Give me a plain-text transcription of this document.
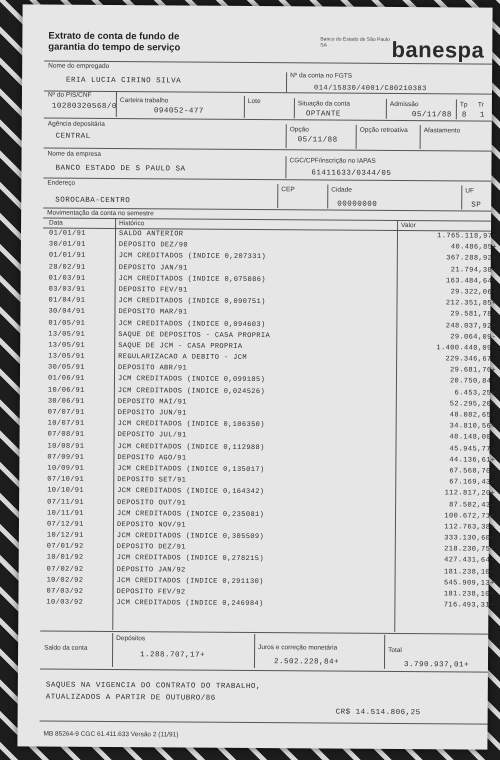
Extrato de conta de fundo de
garantia do tempo de serviço
Banco do Estado de São Paulo SA	banespa
Nome do empregado
ERIA LUCIA CIRINO SILVA
Nº da conta no FGTS
014/15830/4001/C80210383
Nº do PIS/CNF
10280320568/0
Carteira trabalho
094052-477
Lote	Situação da conta
OPTANTE
Admissão
05/11/88
Tp
8
Tr
1
Agência depositária
CENTRAL
Opção
05/11/88
Opção retroativa Afastamento
Nome da empresa
BANCO ESTADO DE S PAULO SA
CGC/CPF/inscrição no IAPAS
61411633/0344/05
Endereço
SOROCABA-CENTRO
CEP	Cidade
00000000
UF
SP
Movimentação da conta no semestre
Data	Histórico	Valor
01/01/91	SALDO ANTERIOR	1.765.118,97+
30/01/91	DEPOSITO DEZ/90	40.486,85+
01/01/91	JCM CREDITADOS (INDICE 0,207331)	367.288,92+
28/02/91	DEPOSITO JAN/91	21.794,38+
01/03/91	JCM CREDITADOS (INDICE 0,075086)	163.484,64+
03/03/91	DEPOSITO FEV/91	29.322,06+
01/04/91	JCM CREDITADOS (INDICE 0,090751)	212.351,85+
30/04/91	DEPOSITO MAR/91	29.581,78+
01/05/91	JCM CREDITADOS (INDICE 0,094603)	248.037,92+
13/05/91	SAQUE DE DEPOSITOS - CASA PROPRIA	29.064,09-
13/05/91	SAQUE DE JCM - CASA PROPRIA	1.400.440,09-
13/05/91	REGULARIZACAO A DEBITO - JCM	229.346,67-
30/05/91	DEPOSITO ABR/91	29.681,76+
01/06/91	JCM CREDITADOS (INDICE 0,099105)	20.750,84+
10/06/91	JCM CREDITADOS (INDICE 0,024526)	6.453,25+
30/06/91	DEPOSITO MAI/91	52.295,20+
07/07/91	DEPOSITO JUN/91	48.082,65+
10/07/91	JCM CREDITADOS (INDICE 0,106350)	34.810,56+
07/08/91	DEPOSITO JUL/91	48.148,00+
10/08/91	JCM CREDITADOS (INDICE 0,112988)	45.945,77+
07/09/91	DEPOSITO AGO/91	44.136,61+
10/09/91	JCM CREDITADOS (INDICE 0,135017)	67.560,70+
07/10/91	DEPOSITO SET/91	67.169,43+
10/10/91	JCM CREDITADOS (INDICE 0,164342)	112.817,20+
07/11/91	DEPOSITO OUT/91	87.502,43+
10/11/91	JCM CREDITADOS (INDICE 0,235081)	100.672,71+
07/12/91	DEPOSITO NOV/91	112.763,38+
10/12/91	JCM CREDITADOS (INDICE 0,305509)	333.130,60+
07/01/92	DEPOSITO DEZ/91	218.230,75+
10/01/92	JCM CREDITADOS (INDICE 0,278215)	427.431,64+
07/02/92	DEPOSITO JAN/92	181.238,10+
10/02/92	JCM CREDITADOS (INDICE 0,291130)	545.909,13+
07/03/92	DEPOSITO FEV/92	181.238,10+
10/03/92	JCM CREDITADOS (INDICE 0,246984)	716.493,31+
Saldo da conta
Depósitos
1.288.707,17+
Juros e correção monetária
2.502.228,84+
Total
3.790.937,01+
SAQUES NA VIGENCIA DO CONTRATO DO TRABALHO,
ATUALIZADOS A PARTIR DE OUTUBRO/86
CR$ 14.514.806,25
MB 85264-9 CGC 61.411.633 Versão 2 (11/91)
